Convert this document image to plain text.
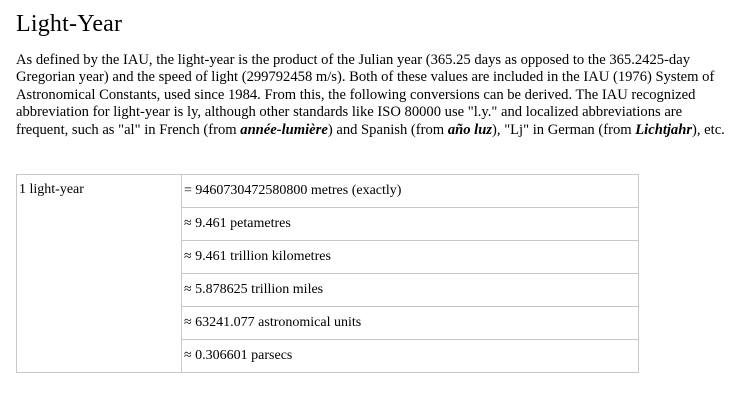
Light-Year

As defined by the IAU, the light-year is the product of the Julian year (365.25 days as opposed to the 365.2425-day Gregorian year) and the speed of light (299792458 m/s). Both of these values are included in the IAU (1976) System of Astronomical Constants, used since 1984. From this, the following conversions can be derived. The IAU recognized abbreviation for light-year is ly, although other standards like ISO 80000 use "l.y." and localized abbreviations are frequent, such as "al" in French (from année-lumière) and Spanish (from año luz), "Lj" in German (from Lichtjahr), etc.

1 light-year	= 9460730472580800 metres (exactly)
≈ 9.461 petametres
≈ 9.461 trillion kilometres
≈ 5.878625 trillion miles
≈ 63241.077 astronomical units
≈ 0.306601 parsecs
